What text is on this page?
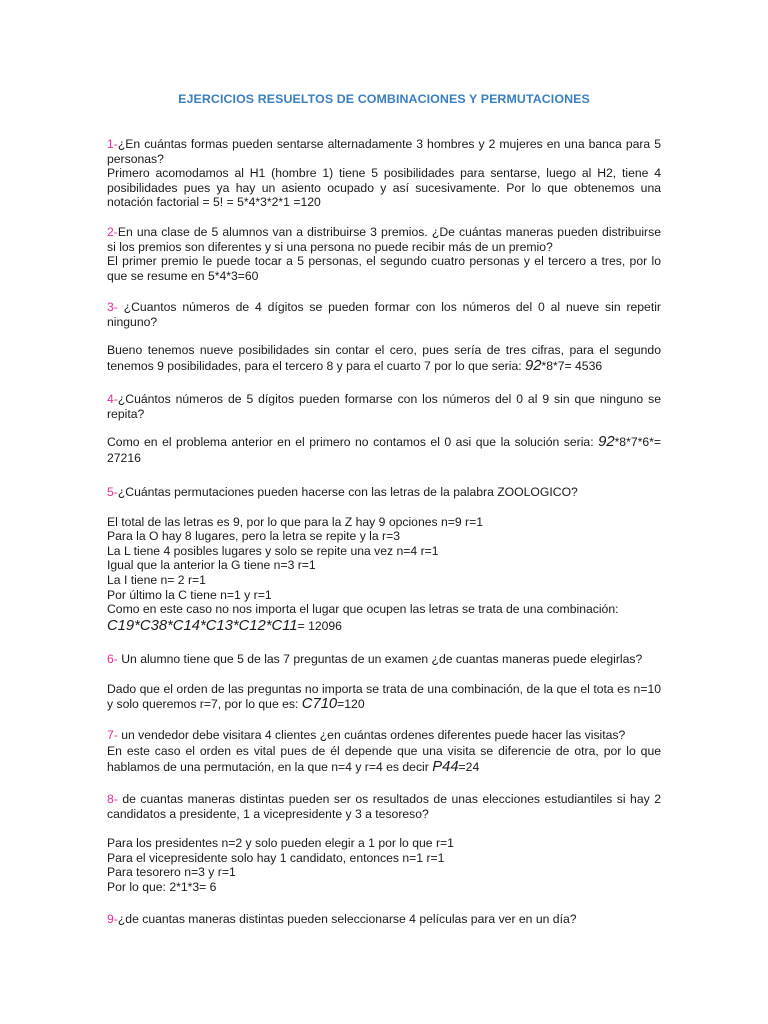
EJERCICIOS RESUELTOS DE COMBINACIONES Y PERMUTACIONES

1-¿En cuántas formas pueden sentarse alternadamente 3 hombres y 2 mujeres en una banca para 5 personas?

Primero acomodamos al H1 (hombre 1) tiene 5 posibilidades para sentarse, luego al H2, tiene 4 posibilidades pues ya hay un asiento ocupado y así sucesivamente. Por lo que obtenemos una notación factorial = 5! = 5*4*3*2*1 =120

2-En una clase de 5 alumnos van a distribuirse 3 premios. ¿De cuántas maneras pueden distribuirse si los premios son diferentes y si una persona no puede recibir más de un premio?

El primer premio le puede tocar a 5 personas, el segundo cuatro personas y el tercero a tres, por lo que se resume en 5*4*3=60

3- ¿Cuantos números de 4 dígitos se pueden formar con los números del 0 al nueve sin repetir ninguno?

Bueno tenemos nueve posibilidades sin contar el cero, pues sería de tres cifras, para el segundo tenemos 9 posibilidades, para el tercero 8 y para el cuarto 7 por lo que seria: 92*8*7= 4536

4-¿Cuántos números de 5 dígitos pueden formarse con los números del 0 al 9 sin que ninguno se repita?

Como en el problema anterior en el primero no contamos el 0 asi que la solución seria: 92*8*7*6*= 27216

5-¿Cuántas permutaciones pueden hacerse con las letras de la palabra ZOOLOGICO?

El total de las letras es 9, por lo que para la Z hay 9 opciones n=9 r=1

Para la O hay 8 lugares, pero la letra se repite y la r=3

La L tiene 4 posibles lugares y solo se repite una vez n=4 r=1

Igual que la anterior la G tiene n=3 r=1

La I tiene n= 2 r=1

Por último la C tiene n=1 y r=1

Como en este caso no nos importa el lugar que ocupen las letras se trata de una combinación:

C19*C38*C14*C13*C12*C11= 12096

6- Un alumno tiene que 5 de las 7 preguntas de un examen ¿de cuantas maneras puede elegirlas?

Dado que el orden de las preguntas no importa se trata de una combinación, de la que el tota es n=10 y solo queremos r=7, por lo que es: C710=120

7- un vendedor debe visitara 4 clientes ¿en cuántas ordenes diferentes puede hacer las visitas?

En este caso el orden es vital pues de él depende que una visita se diferencie de otra, por lo que hablamos de una permutación, en la que n=4 y r=4 es decir P44=24

8- de cuantas maneras distintas pueden ser os resultados de unas elecciones estudiantiles si hay 2 candidatos a presidente, 1 a vicepresidente y 3 a tesoreso?

Para los presidentes n=2 y solo pueden elegir a 1 por lo que r=1

Para el vicepresidente solo hay 1 candidato, entonces n=1 r=1

Para tesorero n=3 y r=1

Por lo que: 2*1*3= 6

9-¿de cuantas maneras distintas pueden seleccionarse 4 películas para ver en un día?
